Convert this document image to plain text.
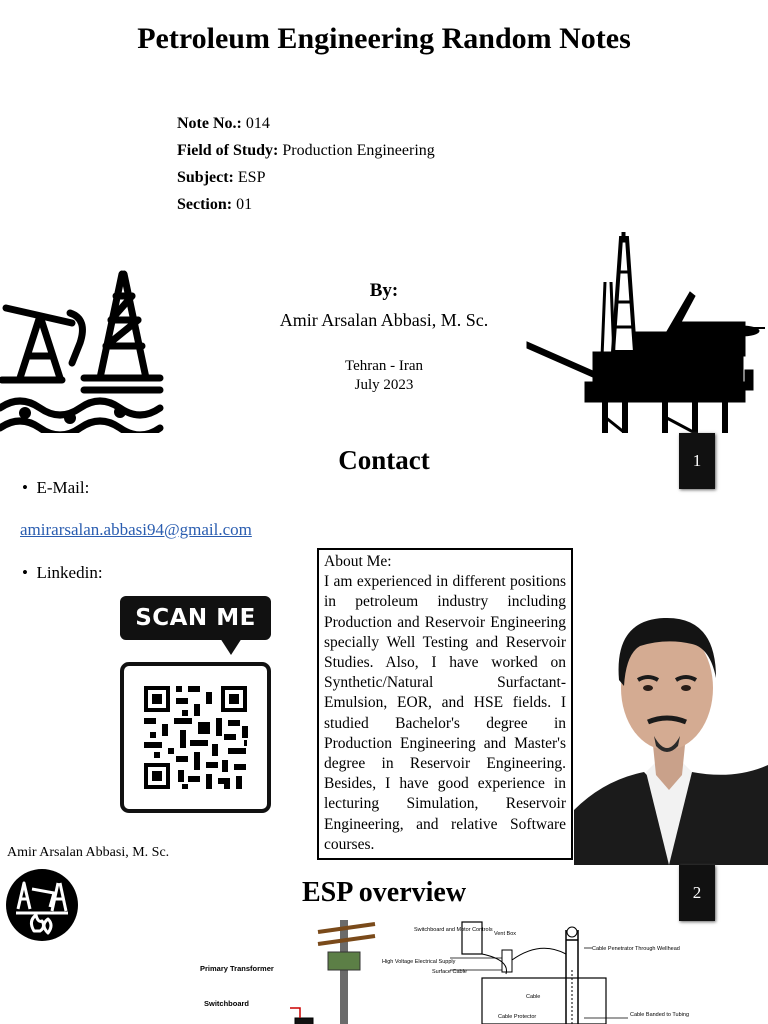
Petroleum Engineering Random Notes
Note No.: 014
Field of Study: Production Engineering
Subject: ESP
Section: 01
By:
Amir Arsalan Abbasi, M. Sc.
Tehran - Iran
July 2023
1
Contact
•  E-Mail:
amirarsalan.abbasi94@gmail.com
•  Linkedin:
SCAN ME
About Me:
I am experienced in different positions in petroleum industry including Production and Reservoir Engineering specially Well Testing and Reservoir Studies. Also, I have worked on Synthetic/Natural Surfactant-Emulsion, EOR, and HSE fields. I studied Bachelor's degree in Production Engineering and Master's degree in Reservoir Engineering. Besides, I have good experience in lecturing Simulation, Reservoir Engineering, and relative Software courses.
Amir Arsalan Abbasi, M. Sc.
2
ESP overview
Primary Transformer
Switchboard
Switchboard and Motor Controls
Vent Box
High Voltage Electrical Supply
Surface Cable
Cable Penetrator Through Wellhead
Cable
Cable Protector	Cable Banded to Tubing
